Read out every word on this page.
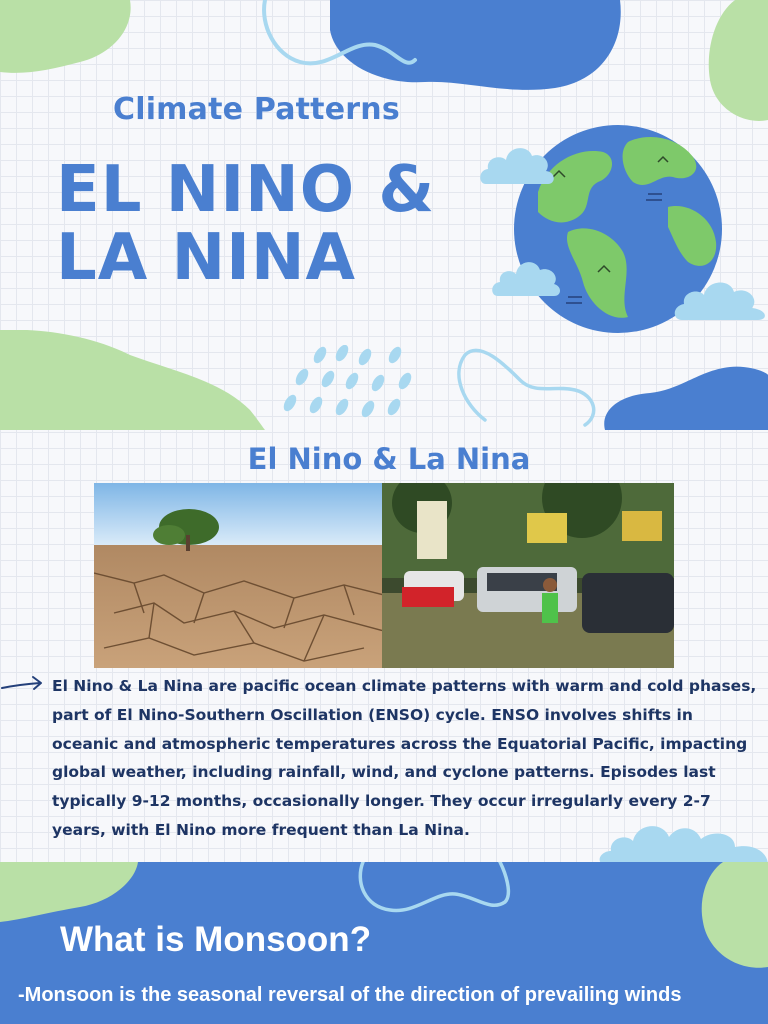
Climate Patterns
EL NINO &
LA NINA
El Nino & La Nina
El Nino & La Nina are pacific ocean climate patterns with warm and cold phases, part of El Nino-Southern Oscillation (ENSO) cycle. ENSO involves shifts in oceanic and atmospheric temperatures across the Equatorial Pacific, impacting global weather, including rainfall, wind, and cyclone patterns. Episodes last typically 9-12 months, occasionally longer. They occur irregularly every 2-7 years, with El Nino more frequent than La Nina.
What is Monsoon?
-Monsoon is the seasonal reversal of the direction of prevailing winds
